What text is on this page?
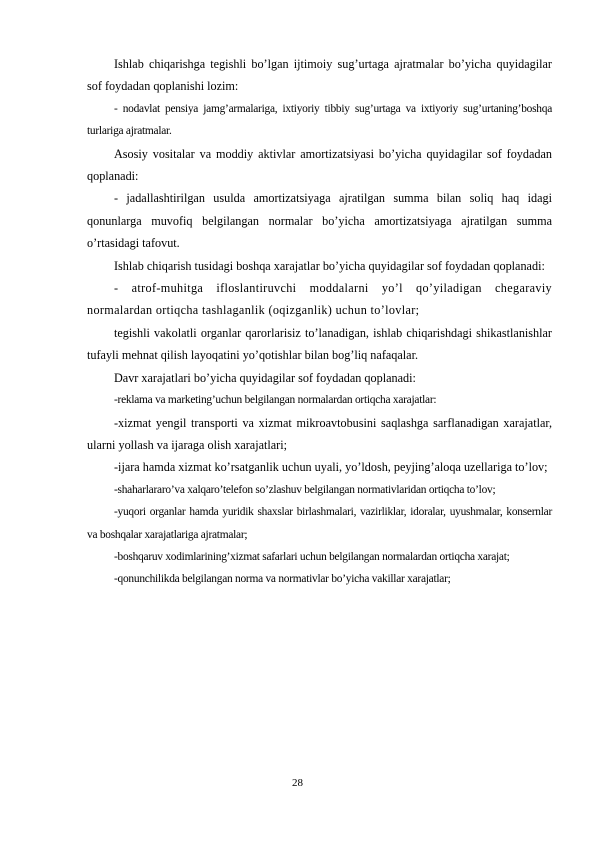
Ishlab chiqarishga tegishli bo’lgan ijtimoiy sug’urtaga ajratmalar bo’yicha quyidagilar sof foydadan qoplanishi lozim:

- nodavlat pensiya jamg’armalariga, ixtiyoriy tibbiy sug’urtaga va ixtiyoriy sug’urtaning’boshqa turlariga ajratmalar.

Asosiy vositalar va moddiy aktivlar amortizatsiyasi bo’yicha quyidagilar sof foydadan qoplanadi:

- jadallashtirilgan usulda amortizatsiyaga ajratilgan summa bilan soliq haq idagi qonunlarga muvofiq belgilangan normalar bo’yicha amortizatsiyaga ajratilgan summa o’rtasidagi tafovut.

Ishlab chiqarish tusidagi boshqa xarajatlar bo’yicha quyidagilar sof foydadan qoplanadi:

- atrof-muhitga ifloslantiruvchi moddalarni yo’l qo’yiladigan chegaraviy normalardan ortiqcha tashlaganlik (oqizganlik) uchun to’lovlar;

tegishli vakolatli organlar qarorlarisiz to’lanadigan, ishlab chiqarishdagi shikastlanishlar tufayli mehnat qilish layoqatini yo’qotishlar bilan bog’liq nafaqalar.

Davr xarajatlari bo’yicha quyidagilar sof foydadan qoplanadi:

-reklama va marketing’uchun belgilangan normalardan ortiqcha xarajatlar:

-xizmat yengil transporti va xizmat mikroavtobusini saqlashga sarflanadigan xarajatlar, ularni yollash va ijaraga olish xarajatlari;

-ijara hamda xizmat ko’rsatganlik uchun uyali, yo’ldosh, peyjing’aloqa uzellariga to’lov;

-shaharlararo’va xalqaro’telefon so’zlashuv belgilangan normativlaridan ortiqcha to’lov;

-yuqori organlar hamda yuridik shaxslar birlashmalari, vazirliklar, idoralar, uyushmalar, konsernlar va boshqalar xarajatlariga ajratmalar;

-boshqaruv xodimlarining’xizmat safarlari uchun belgilangan normalardan ortiqcha xarajat;

-qonunchilikda belgilangan norma va normativlar bo’yicha vakillar xarajatlar;

28
